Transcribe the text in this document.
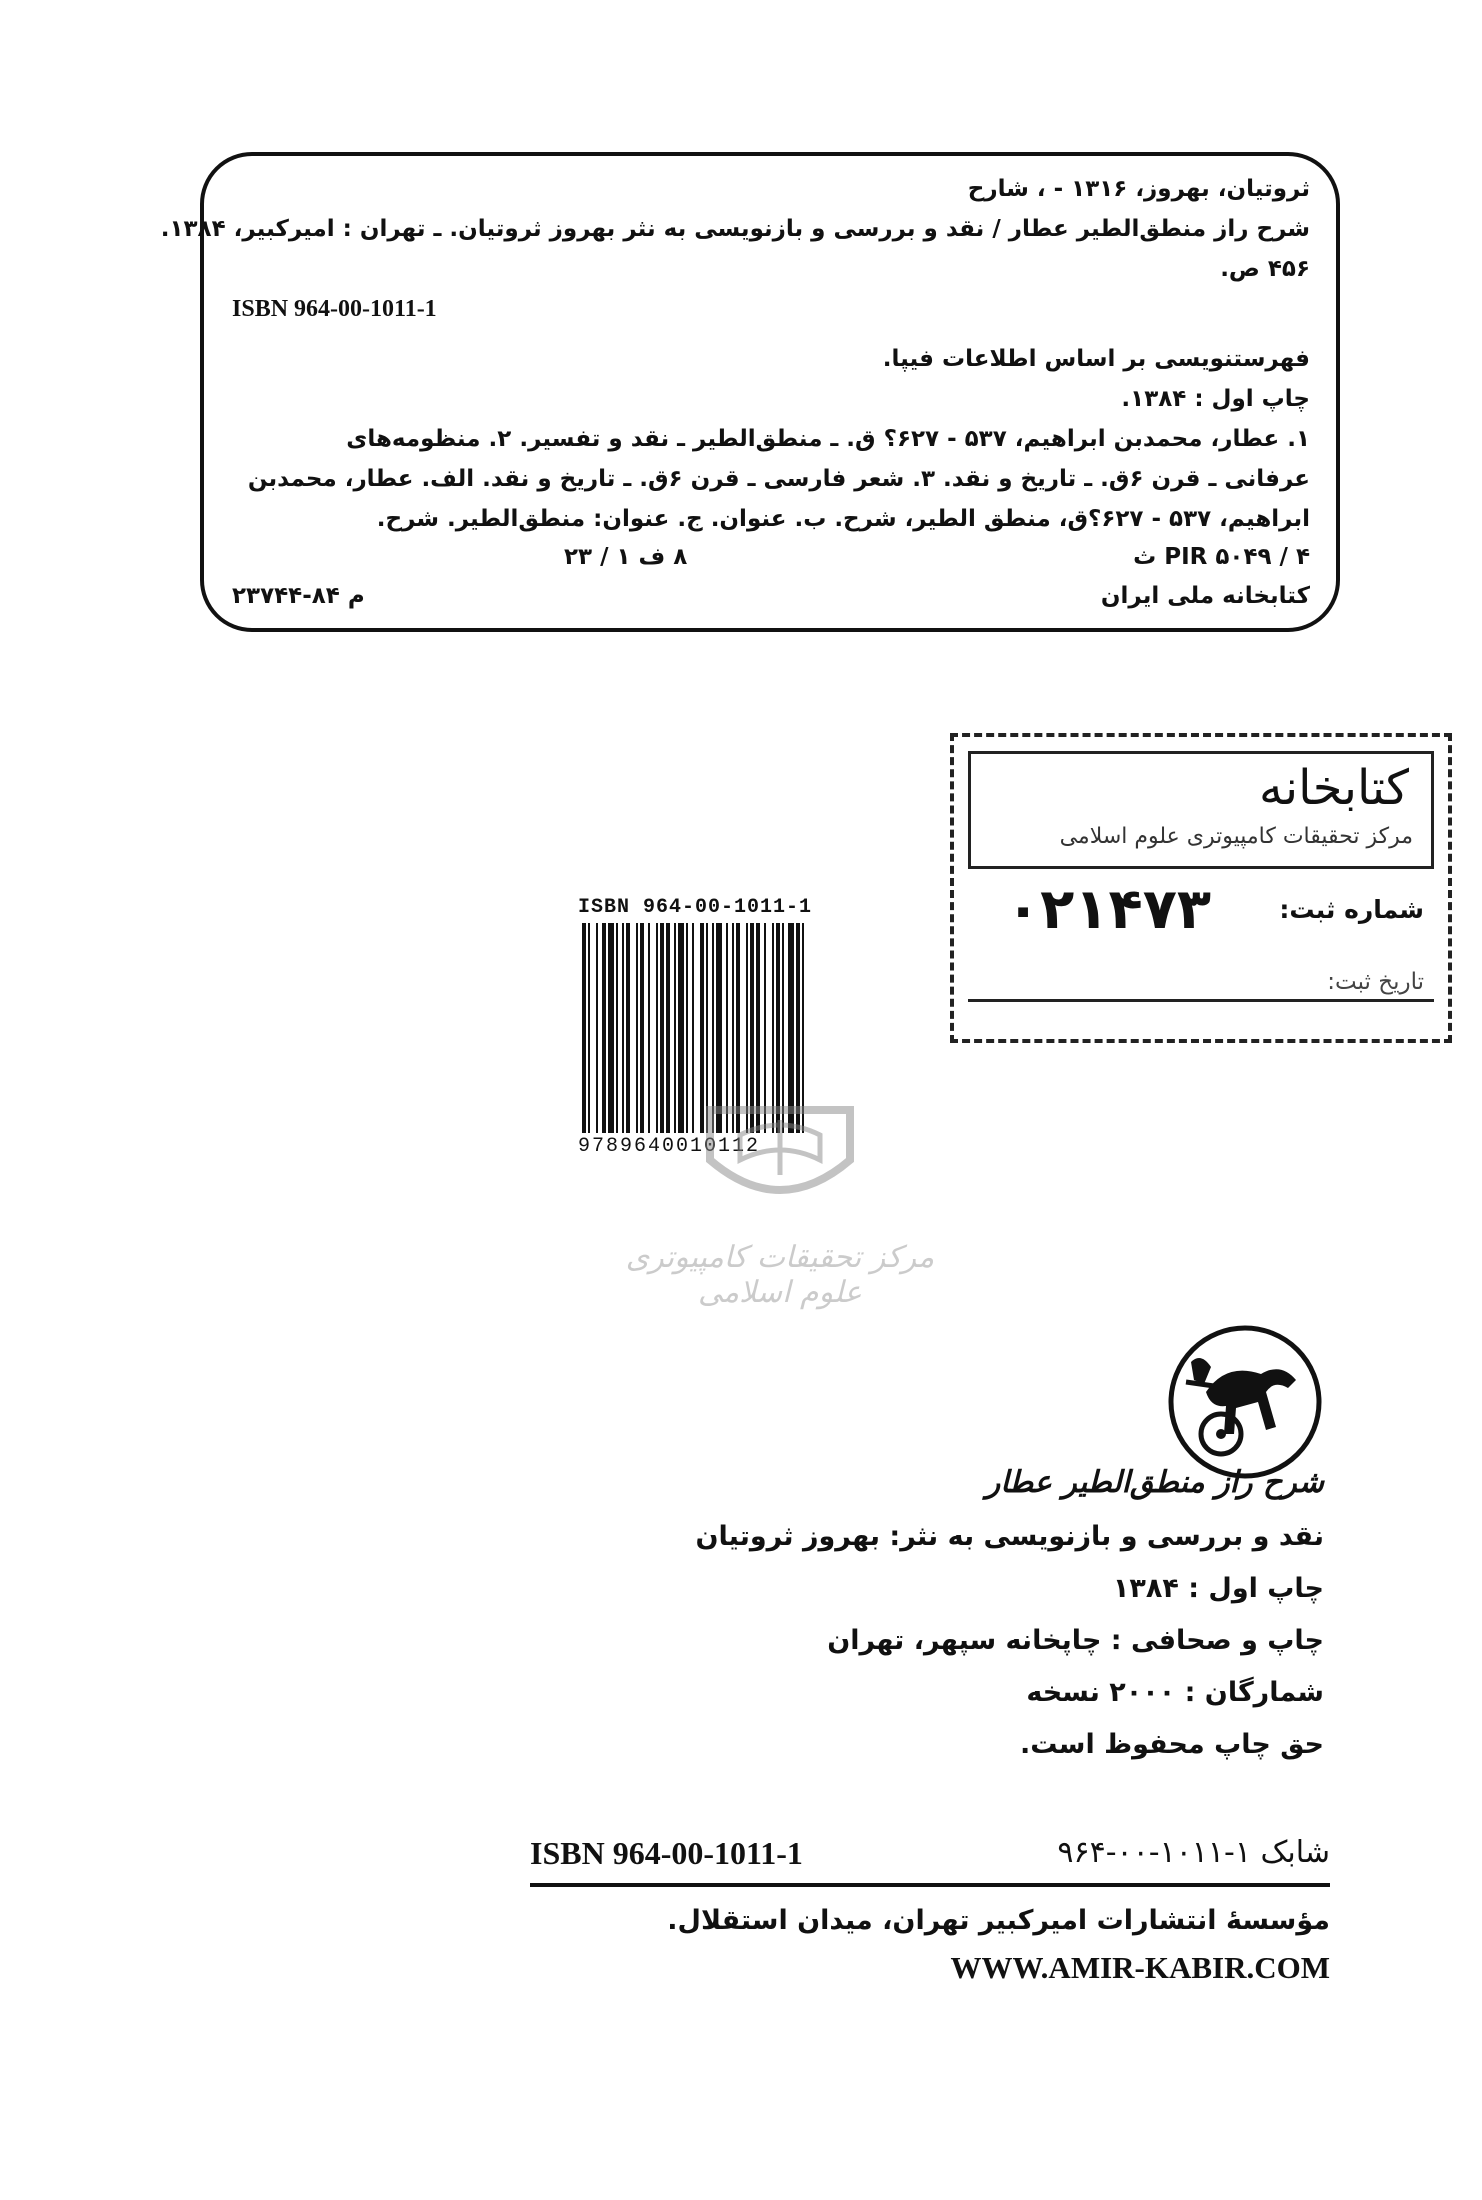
ثروتیان، بهروز، ۱۳۱۶ - ، شارح
شرح راز منطق‌الطیر عطار / نقد و بررسی و بازنویسی به نثر بهروز ثروتیان. ـ تهران : امیرکبیر، ۱۳۸۴.
۴۵۶ ص.
ISBN 964-00-1011-1
فهرستنویسی بر اساس اطلاعات فیپا.
چاپ اول : ۱۳۸۴.
۱. عطار، محمدبن ابراهیم، ۵۳۷ - ۶۲۷؟ ق. ـ منطق‌الطیر ـ نقد و تفسیر. ۲. منظومه‌های
عرفانی ـ قرن ۶ق. ـ تاریخ و نقد. ۳. شعر فارسی ـ قرن ۶ق. ـ تاریخ و نقد. الف. عطار، محمدبن
ابراهیم، ۵۳۷ - ۶۲۷؟ق، منطق الطیر، شرح. ب. عنوان. ج. عنوان: منطق‌الطیر. شرح.
PIR ۵۰۴۹ / ۴ ث
۸ ف ۱ / ۲۳
م ۸۴-۲۳۷۴۴	کتابخانه ملی ایران
کتابخانه
مرکز تحقیقات کامپیوتری علوم اسلامی
شماره ثبت:
۰۲۱۴۷۳
تاریخ ثبت:
ISBN 964-00-1011-1
9789640010112
مرکز تحقیقات کامپیوتری علوم اسلامی
شرح راز منطق‌الطیر عطار
نقد و بررسی و بازنویسی به نثر: بهروز ثروتیان
چاپ اول : ۱۳۸۴
چاپ و صحافی : چاپخانه سپهر، تهران
شمارگان : ۲۰۰۰ نسخه
حق چاپ محفوظ است.
ISBN 964-00-1011-1	شابک ۱-۱۰۱۱-۰۰-۹۶۴
مؤسسهٔ انتشارات امیرکبیر تهران، میدان استقلال.
WWW.AMIR-KABIR.COM
